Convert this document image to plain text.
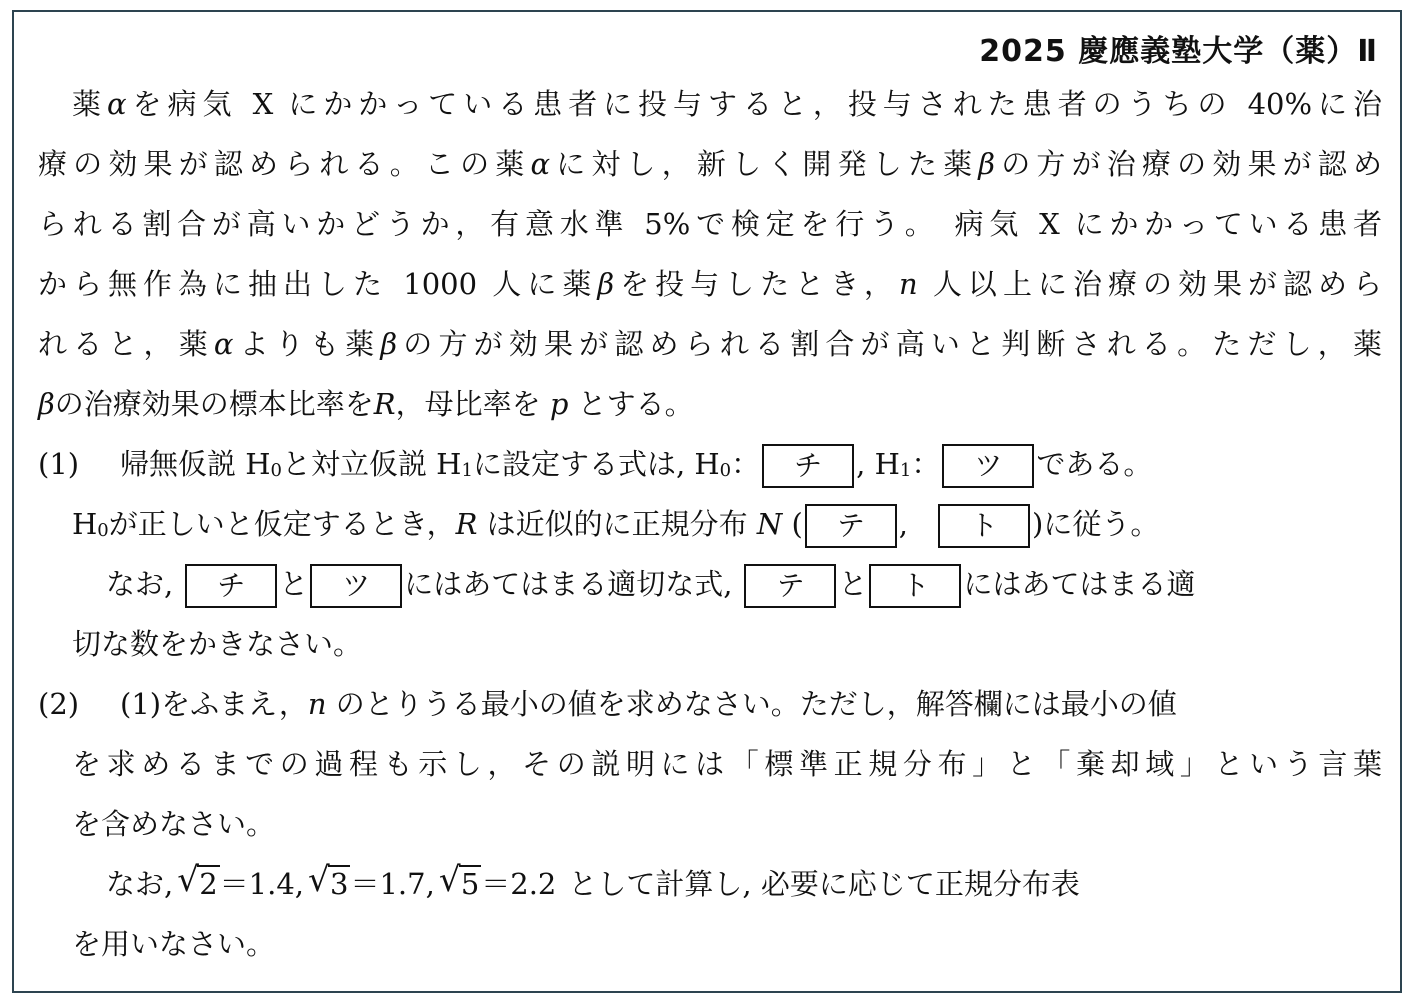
2025 慶應義塾大学（薬）Ⅱ
薬αを病気 X にかかっている患者に投与すると，投与された患者のうちの 40%に治
療の効果が認められる。この薬αに対し，新しく開発した薬βの方が治療の効果が認め
られる割合が高いかどうか，有意水準 5%で検定を行う。 病気 X にかかっている患者
から無作為に抽出した 1000 人に薬βを投与したとき，n 人以上に治療の効果が認めら
れると，薬αよりも薬βの方が効果が認められる割合が高いと判断される。ただし，薬
βの治療効果の標本比率をR，母比率を p とする。
(1) 帰無仮説 $H_0$と対立仮説 $H_1$に設定する式は, $H_0$： チ , $H_1$： ツ である。
$H_0$が正しいと仮定するとき，R は近似的に正規分布 N ( テ , ト )に従う。
なお, チ と ツ にはあてはまる適切な式, テ と ト にはあてはまる適
切な数をかきなさい。
(2) (1)をふまえ，n のとりうる最小の値を求めなさい。ただし，解答欄には最小の値
を求めるまでの過程も示し，その説明には「標準正規分布」と「棄却域」という言葉
を含めなさい。
なお, √ 2＝1.4, √ 3＝1.7, √ 5＝2.2 として計算し, 必要に応じて正規分布表
を用いなさい。
